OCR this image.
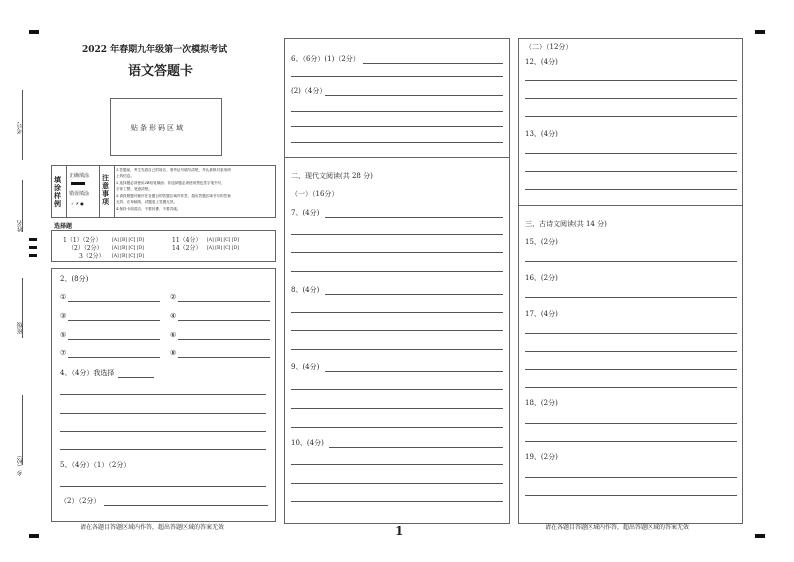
考号
姓名
班级
乡（校）
2022 年春期九年级第一次模拟考试
语文答题卡
贴条形码区域
填涂样例
正确填涂
错误填涂
✓ ✗ ●
注意事项
1.答题前，考生先将自己的姓名、准考证号填写清楚，并认真核对条形码
上的信息。
2.选择题必须使用2B铅笔填涂；非选择题必须使用黑色签字笔书写，
字体工整、笔迹清楚。
3.请按照题号顺序在各题目的答题区域内作答，超出答题区域书写的答案
无效；在草稿纸、试题卷上答题无效。
4.保持卡面清洁，不要折叠、不要弄破。
选择题
1（1）（2分） [A] [B] [C] [D]	11（4分） [A] [B] [C] [D]
（2）（2分） [A] [B] [C] [D]	14（2分） [A] [B] [C] [D]
3（2分） [A] [B] [C] [D]
2、(8分)
①	②
③	④
⑤	⑥
⑦	⑧
4、（4分）我选择
5、（4分）（1）（2分）
（2）（2分）
6、（6分）(1)（2分）
(2)（4分）
二、现代文阅读(共 28 分)
（一）（16分）
7、(4分)
8、(4分)
9、(4分)
10、(4分)
（二）（12分）
12、(4分)
13、(4分)
三、古诗文阅读(共 14 分)
15、(2分)
16、(2分)
17、(4分)
18、(2分)
19、(2分)
请在各题目答题区域内作答，超出答题区域的答案无效	1	请在各题目答题区域内作答，超出答题区域的答案无效
